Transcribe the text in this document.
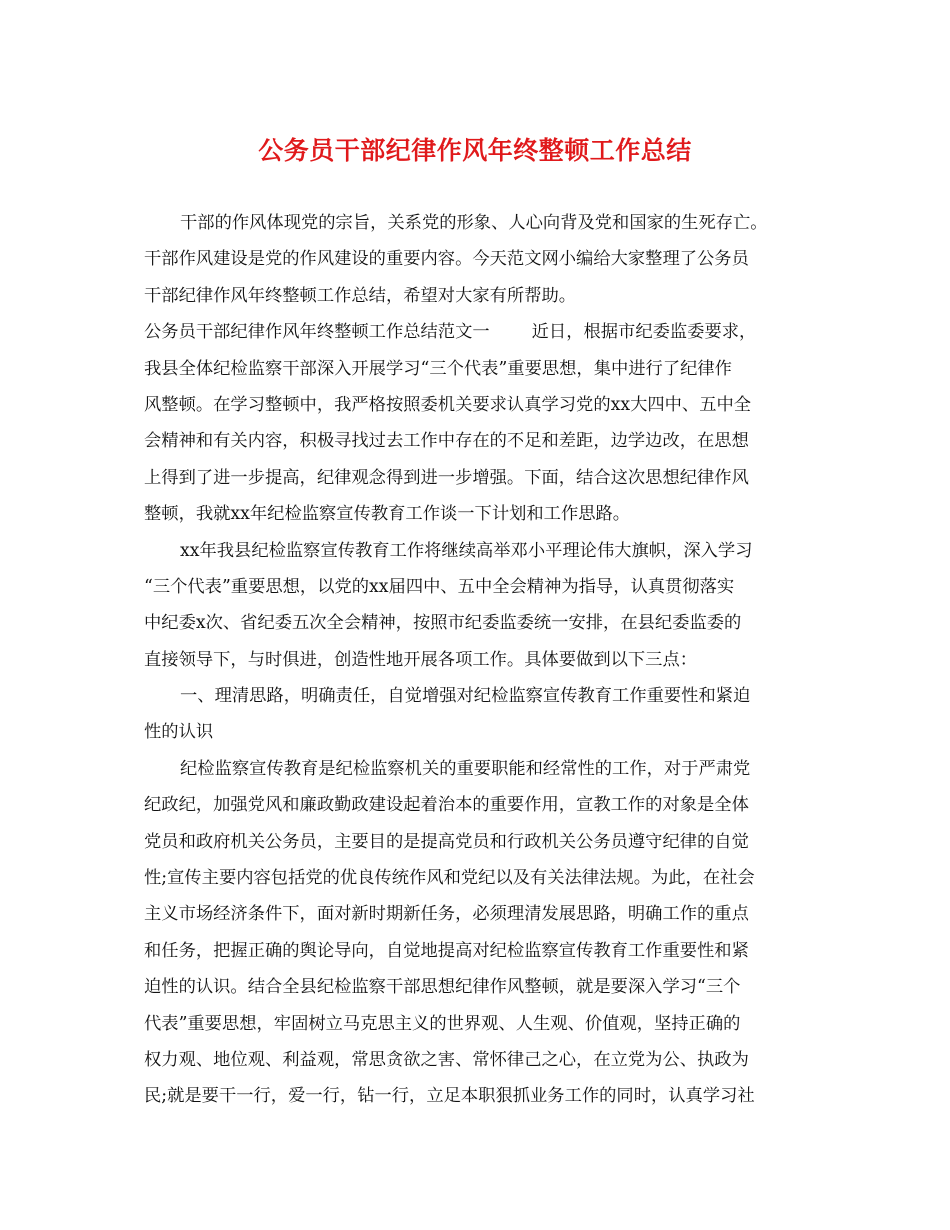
公务员干部纪律作风年终整顿工作总结
干部的作风体现党的宗旨，关系党的形象、人心向背及党和国家的生死存亡。
干部作风建设是党的作风建设的重要内容。今天范文网小编给大家整理了公务员
干部纪律作风年终整顿工作总结，希望对大家有所帮助。
公务员干部纪律作风年终整顿工作总结范文一 近日，根据市纪委监委要求，
我县全体纪检监察干部深入开展学习“三个代表”重要思想，集中进行了纪律作
风整顿。在学习整顿中，我严格按照委机关要求认真学习党的xx大四中、五中全
会精神和有关内容，积极寻找过去工作中存在的不足和差距，边学边改，在思想
上得到了进一步提高，纪律观念得到进一步增强。下面，结合这次思想纪律作风
整顿，我就xx年纪检监察宣传教育工作谈一下计划和工作思路。
xx年我县纪检监察宣传教育工作将继续高举邓小平理论伟大旗帜，深入学习
“三个代表”重要思想，以党的xx届四中、五中全会精神为指导，认真贯彻落实
中纪委x次、省纪委五次全会精神，按照市纪委监委统一安排，在县纪委监委的
直接领导下，与时俱进，创造性地开展各项工作。具体要做到以下三点：
一、理清思路，明确责任，自觉增强对纪检监察宣传教育工作重要性和紧迫
性的认识
纪检监察宣传教育是纪检监察机关的重要职能和经常性的工作，对于严肃党
纪政纪，加强党风和廉政勤政建设起着治本的重要作用，宣教工作的对象是全体
党员和政府机关公务员，主要目的是提高党员和行政机关公务员遵守纪律的自觉
性;宣传主要内容包括党的优良传统作风和党纪以及有关法律法规。为此，在社会
主义市场经济条件下，面对新时期新任务，必须理清发展思路，明确工作的重点
和任务，把握正确的舆论导向，自觉地提高对纪检监察宣传教育工作重要性和紧
迫性的认识。结合全县纪检监察干部思想纪律作风整顿，就是要深入学习“三个
代表”重要思想，牢固树立马克思主义的世界观、人生观、价值观，坚持正确的
权力观、地位观、利益观，常思贪欲之害、常怀律己之心，在立党为公、执政为
民;就是要干一行，爱一行，钻一行，立足本职狠抓业务工作的同时，认真学习社
